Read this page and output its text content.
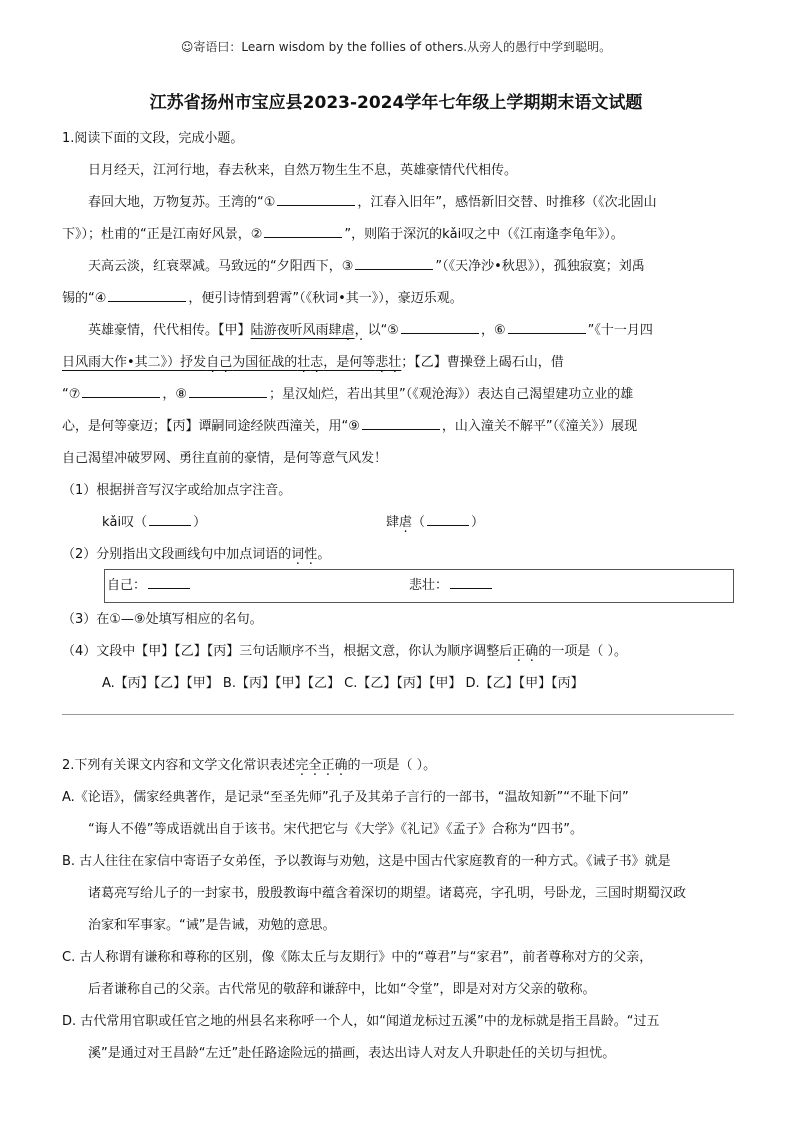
☺寄语曰：Learn wisdom by the follies of others.从旁人的愚行中学到聪明。
江苏省扬州市宝应县2023-2024学年七年级上学期期末语文试题

1.阅读下面的文段，完成小题。

日月经天，江河行地，春去秋来，自然万物生生不息，英雄豪情代代相传。

春回大地，万物复苏。王湾的“①	，江春入旧年”，感悟新旧交替、时推移（《次北固山

下》）；杜甫的“正是江南好风景，②	”，则陷于深沉的kǎi叹之中（《江南逢李龟年》）。

天高云淡，红衰翠减。马致远的“夕阳西下，③	”（《天净沙•秋思》），孤独寂寞；刘禹

锡的“④	，便引诗情到碧霄”（《秋词•其一》），豪迈乐观。

英雄豪情，代代相传。【甲】陆游夜听风雨肆虐，以“⑤	，⑥	”《十一月四

日风雨大作•其二》）抒发自己为国征战的壮志，是何等悲壮；【乙】曹操登上碣石山，借

“⑦	，⑧	；星汉灿烂，若出其里”（《观沧海》）表达自己渴望建功立业的雄

心，是何等豪迈；【丙】谭嗣同途经陕西潼关，用“⑨	，山入潼关不解平”（《潼关》）展现

自己渴望冲破罗网、勇往直前的豪情，是何等意气风发！

（1）根据拼音写汉字或给加点字注音。

kǎi叹（	）	肆虐（	）

（2）分别指出文段画线句中加点词语的词性。

自己：	悲壮：

（3）在①—⑨处填写相应的名句。

（4）文段中【甲】【乙】【丙】三句话顺序不当，根据文意，你认为顺序调整后正确的一项是（ ）。

A.【丙】【乙】【甲】 B.【丙】【甲】【乙】 C.【乙】【丙】【甲】 D.【乙】【甲】【丙】

2.下列有关课文内容和文学文化常识表述完全正确的一项是（ ）。

A.《论语》，儒家经典著作，是记录“至圣先师”孔子及其弟子言行的一部书，“温故知新”“不耻下问”

“诲人不倦”等成语就出自于该书。宋代把它与《大学》《礼记》《孟子》合称为“四书”。

B. 古人往往在家信中寄语子女弟侄，予以教诲与劝勉，这是中国古代家庭教育的一种方式。《诫子书》就是

诸葛亮写给儿子的一封家书，殷殷教诲中蕴含着深切的期望。诸葛亮，字孔明，号卧龙，三国时期蜀汉政

治家和军事家。“诫”是告诫，劝勉的意思。

C. 古人称谓有谦称和尊称的区别，像《陈太丘与友期行》中的“尊君”与“家君”，前者尊称对方的父亲，

后者谦称自己的父亲。古代常见的敬辞和谦辞中，比如“令堂”，即是对对方父亲的敬称。

D. 古代常用官职或任官之地的州县名来称呼一个人，如“闻道龙标过五溪”中的龙标就是指王昌龄。“过五

溪”是通过对王昌龄“左迁”赴任路途险远的描画，表达出诗人对友人升职赴任的关切与担忧。
